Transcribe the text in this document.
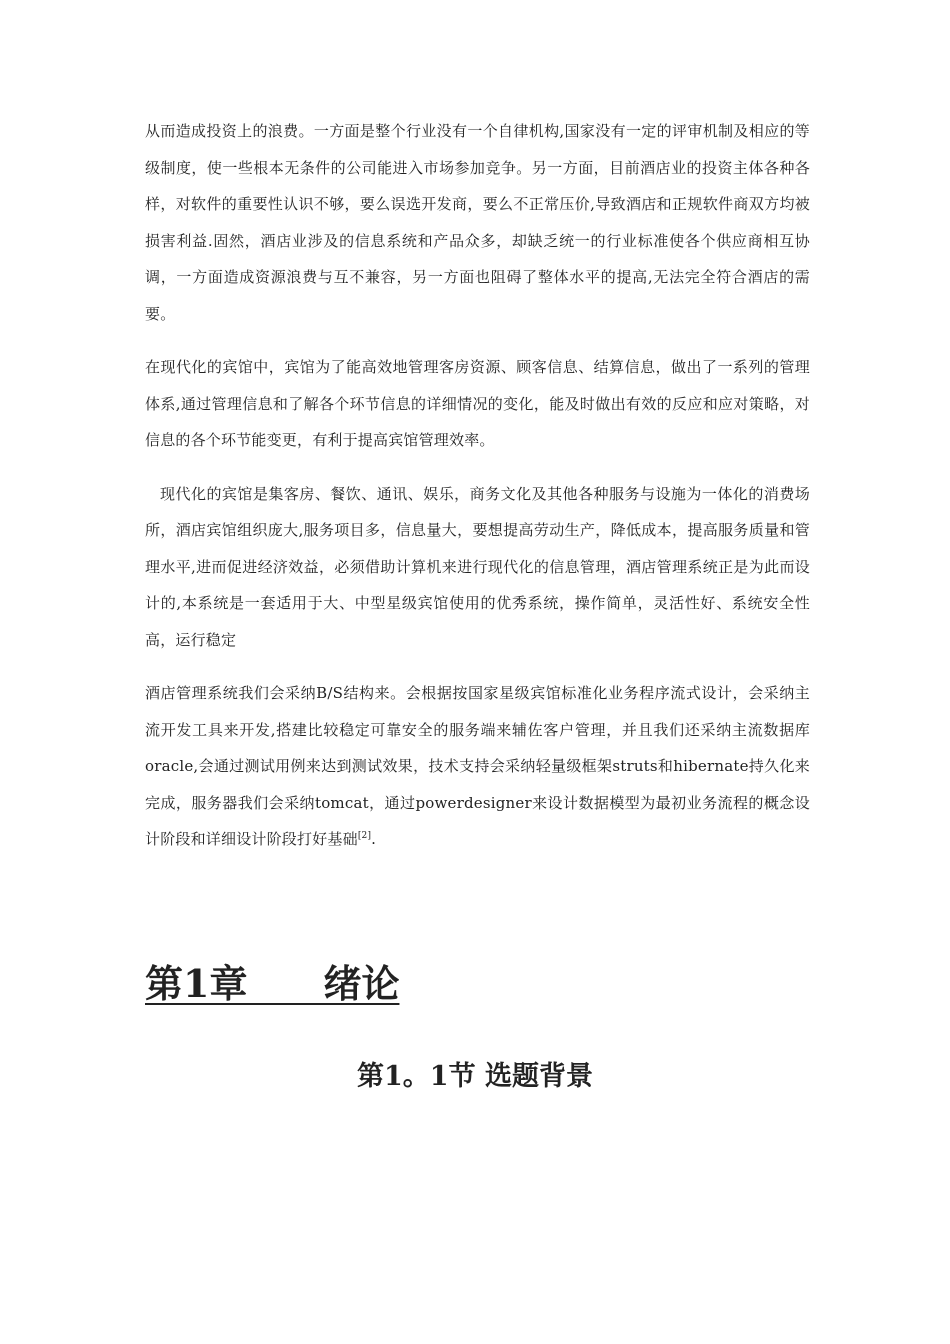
从而造成投资上的浪费。一方面是整个行业没有一个自律机构,国家没有一定的评审机制及相应的等级制度，使一些根本无条件的公司能进入市场参加竞争。另一方面，目前酒店业的投资主体各种各样，对软件的重要性认识不够，要么误选开发商，要么不正常压价,导致酒店和正规软件商双方均被损害利益.固然，酒店业涉及的信息系统和产品众多，却缺乏统一的行业标准使各个供应商相互协调，一方面造成资源浪费与互不兼容，另一方面也阻碍了整体水平的提高,无法完全符合酒店的需要。

在现代化的宾馆中，宾馆为了能高效地管理客房资源、顾客信息、结算信息，做出了一系列的管理体系,通过管理信息和了解各个环节信息的详细情况的变化，能及时做出有效的反应和应对策略，对信息的各个环节能变更，有利于提高宾馆管理效率。

现代化的宾馆是集客房、餐饮、通讯、娱乐，商务文化及其他各种服务与设施为一体化的消费场所，酒店宾馆组织庞大,服务项目多，信息量大，要想提高劳动生产，降低成本，提高服务质量和管理水平,进而促进经济效益，必须借助计算机来进行现代化的信息管理，酒店管理系统正是为此而设计的,本系统是一套适用于大、中型星级宾馆使用的优秀系统，操作简单，灵活性好、系统安全性高，运行稳定

酒店管理系统我们会采纳B/S结构来。会根据按国家星级宾馆标准化业务程序流式设计，会采纳主流开发工具来开发,搭建比较稳定可靠安全的服务端来辅佐客户管理，并且我们还采纳主流数据库oracle,会通过测试用例来达到测试效果，技术支持会采纳轻量级框架struts和hibernate持久化来完成，服务器我们会采纳tomcat，通过powerdesigner来设计数据模型为最初业务流程的概念设计阶段和详细设计阶段打好基础[2].

第1章　　绪论
第1。1节 选题背景
